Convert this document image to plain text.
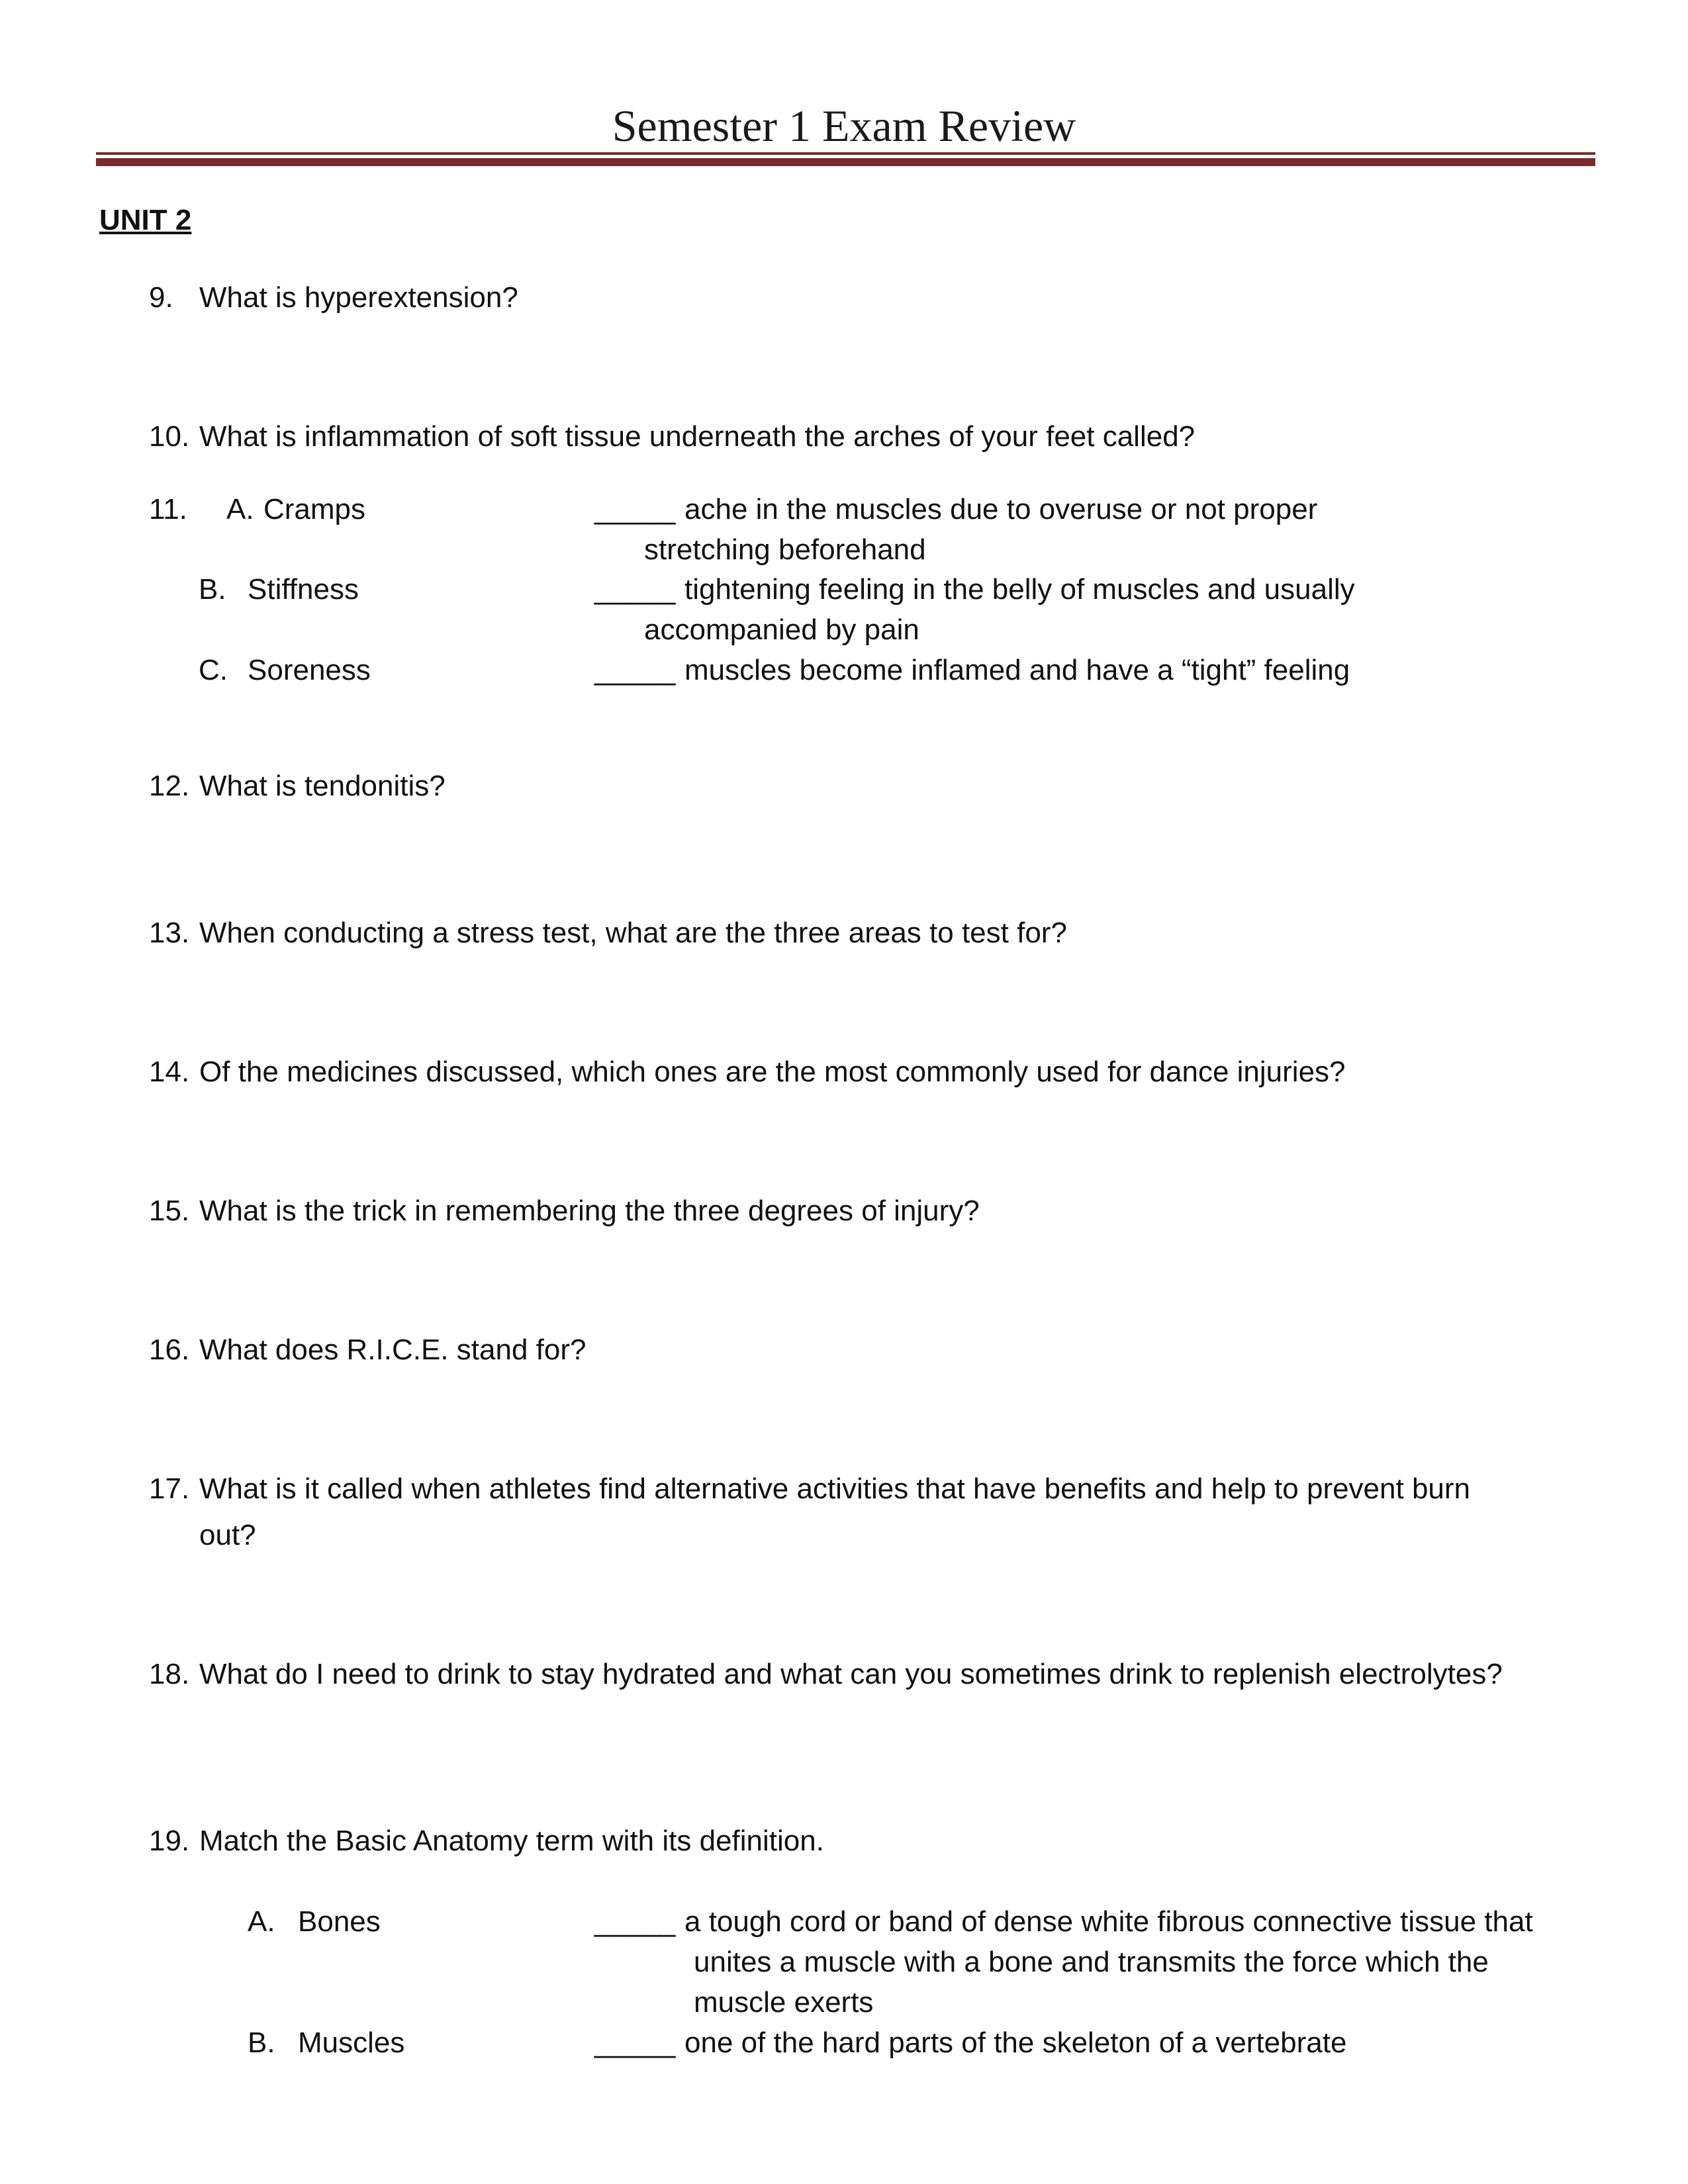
Semester 1 Exam Review
UNIT 2
9. What is hyperextension?
10. What is inflammation of soft tissue underneath the arches of your feet called?
11. A. Cramps
B. Stiffness
C. Soreness
_____ ache in the muscles due to overuse or not proper
stretching beforehand
_____ tightening feeling in the belly of muscles and usually
accompanied by pain
_____ muscles become inflamed and have a “tight” feeling
12. What is tendonitis?
13. When conducting a stress test, what are the three areas to test for?
14. Of the medicines discussed, which ones are the most commonly used for dance injuries?
15. What is the trick in remembering the three degrees of injury?
16. What does R.I.C.E. stand for?
17. What is it called when athletes find alternative activities that have benefits and help to prevent burn
out?
18. What do I need to drink to stay hydrated and what can you sometimes drink to replenish electrolytes?
19. Match the Basic Anatomy term with its definition.
A. Bones
B. Muscles
_____ a tough cord or band of dense white fibrous connective tissue that
unites a muscle with a bone and transmits the force which the
muscle exerts
_____ one of the hard parts of the skeleton of a vertebrate
